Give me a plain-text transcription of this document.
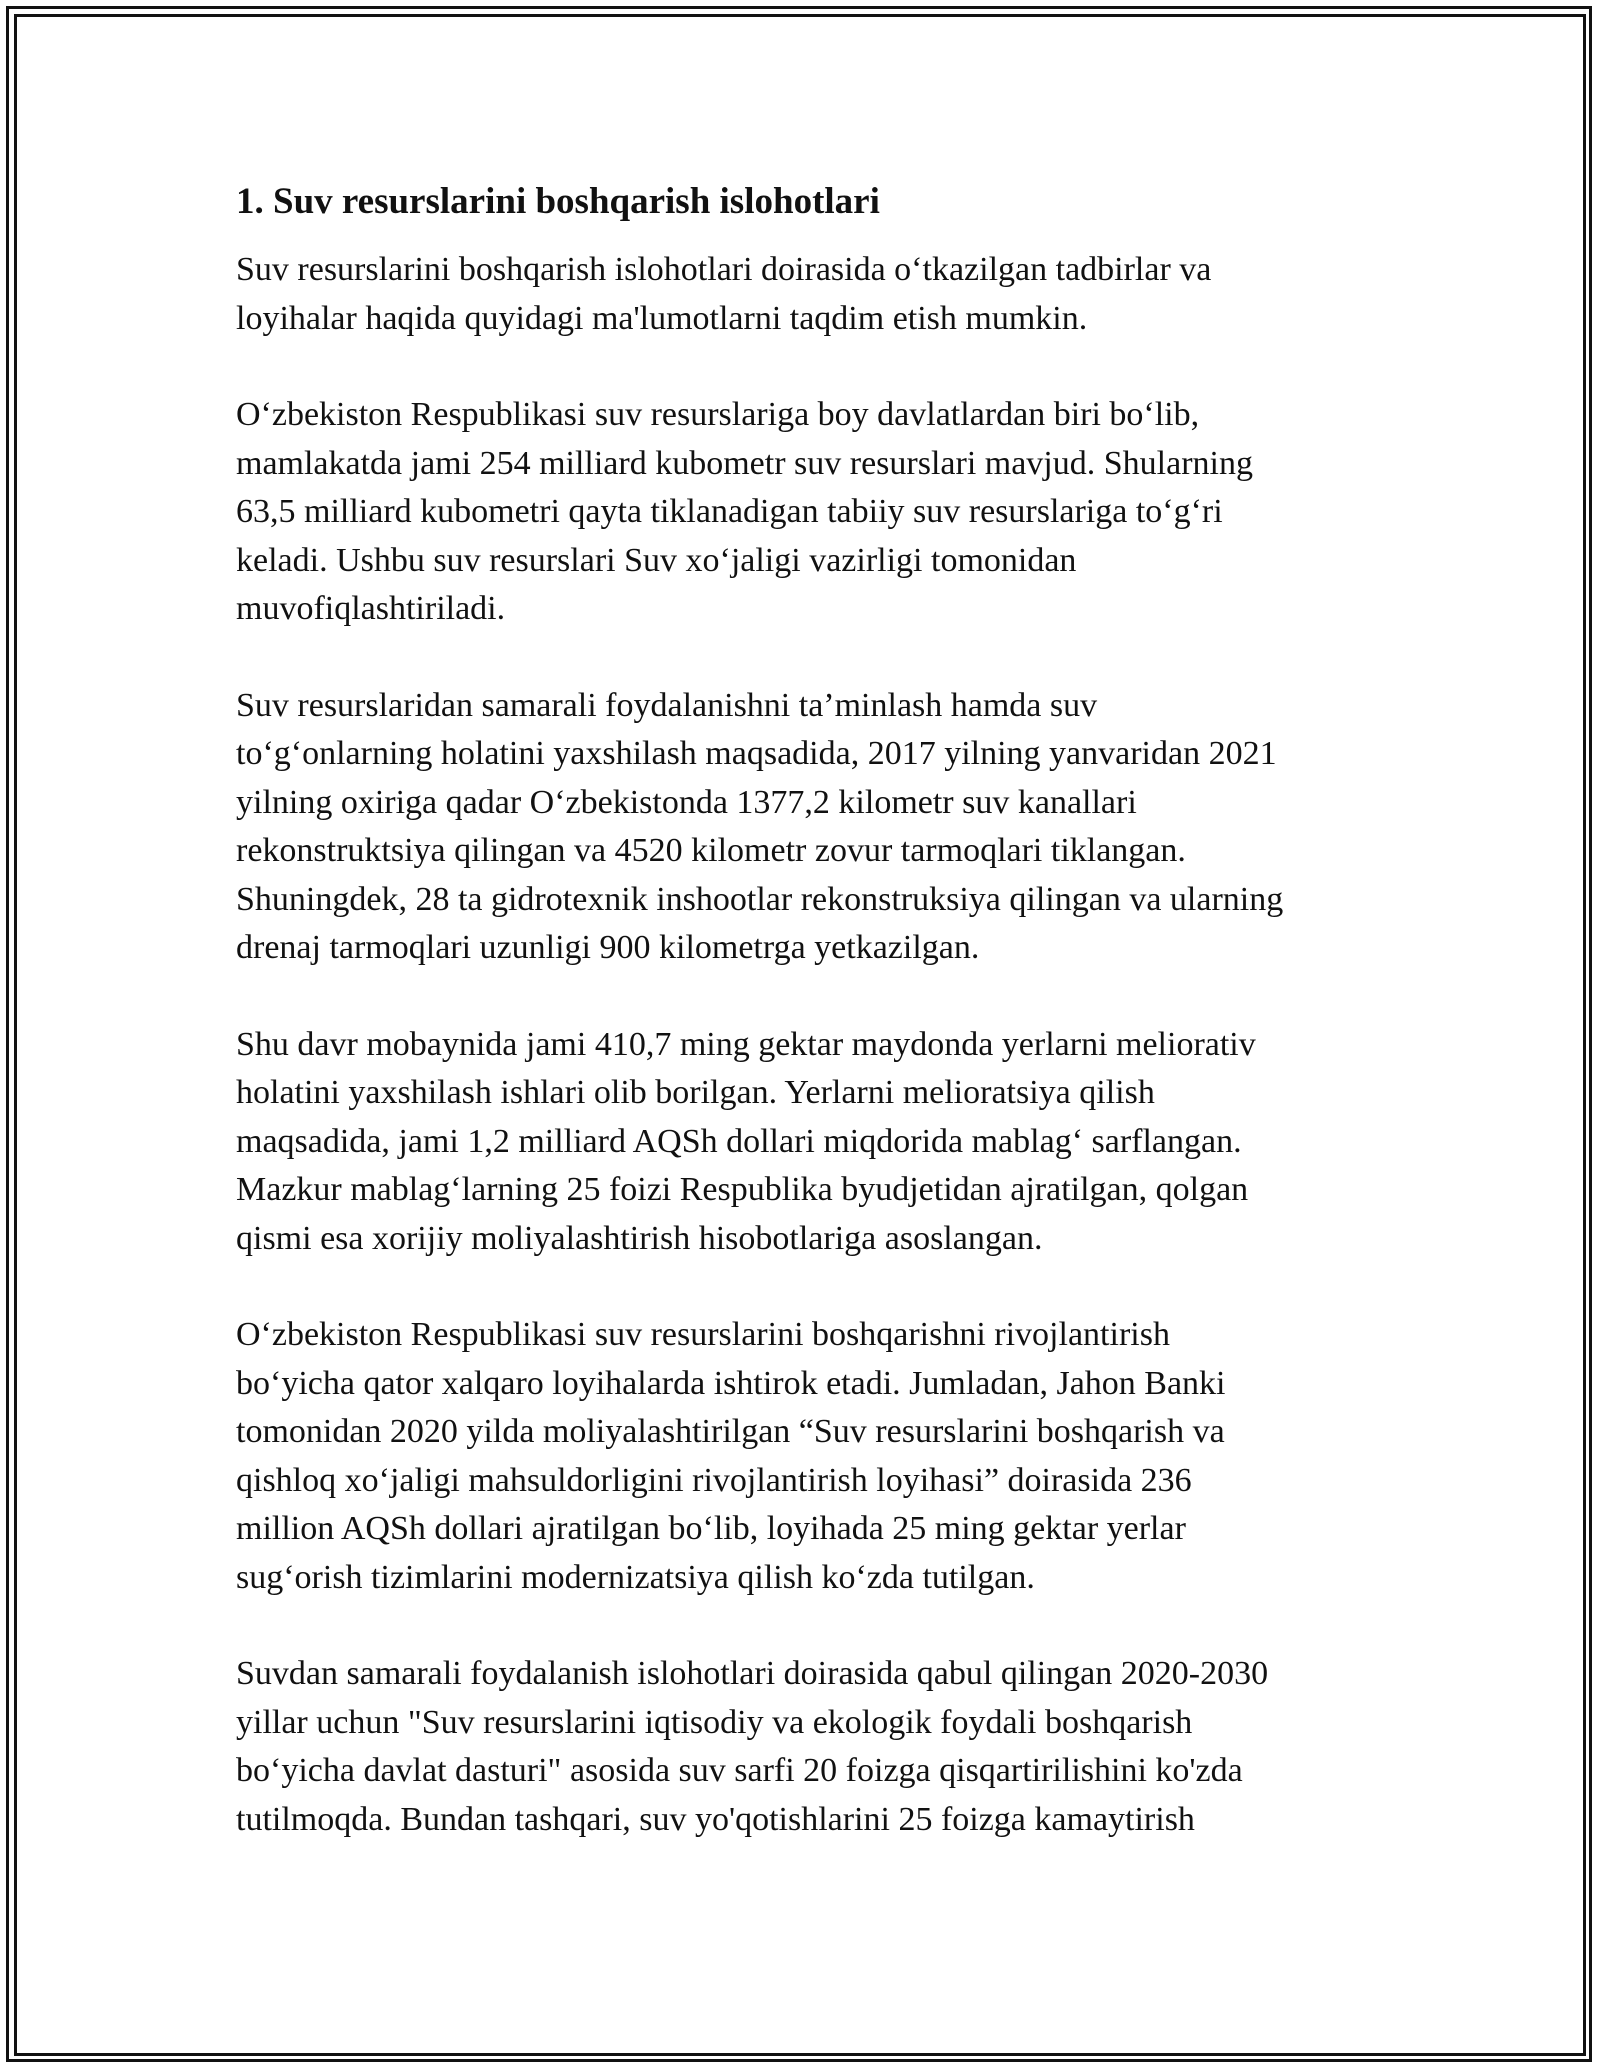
1. Suv resurslarini boshqarish islohotlari
Suv resurslarini boshqarish islohotlari doirasida o‘tkazilgan tadbirlar va
loyihalar haqida quyidagi ma'lumotlarni taqdim etish mumkin.
O‘zbekiston Respublikasi suv resurslariga boy davlatlardan biri bo‘lib,
mamlakatda jami 254 milliard kubometr suv resurslari mavjud. Shularning
63,5 milliard kubometri qayta tiklanadigan tabiiy suv resurslariga to‘g‘ri
keladi. Ushbu suv resurslari Suv xo‘jaligi vazirligi tomonidan
muvofiqlashtiriladi.
Suv resurslaridan samarali foydalanishni ta’minlash hamda suv
to‘g‘onlarning holatini yaxshilash maqsadida, 2017 yilning yanvaridan 2021
yilning oxiriga qadar O‘zbekistonda 1377,2 kilometr suv kanallari
rekonstruktsiya qilingan va 4520 kilometr zovur tarmoqlari tiklangan.
Shuningdek, 28 ta gidrotexnik inshootlar rekonstruksiya qilingan va ularning
drenaj tarmoqlari uzunligi 900 kilometrga yetkazilgan.
Shu davr mobaynida jami 410,7 ming gektar maydonda yerlarni meliorativ
holatini yaxshilash ishlari olib borilgan. Yerlarni melioratsiya qilish
maqsadida, jami 1,2 milliard AQSh dollari miqdorida mablag‘ sarflangan.
Mazkur mablag‘larning 25 foizi Respublika byudjetidan ajratilgan, qolgan
qismi esa xorijiy moliyalashtirish hisobotlariga asoslangan.
O‘zbekiston Respublikasi suv resurslarini boshqarishni rivojlantirish
bo‘yicha qator xalqaro loyihalarda ishtirok etadi. Jumladan, Jahon Banki
tomonidan 2020 yilda moliyalashtirilgan “Suv resurslarini boshqarish va
qishloq xo‘jaligi mahsuldorligini rivojlantirish loyihasi” doirasida 236
million AQSh dollari ajratilgan bo‘lib, loyihada 25 ming gektar yerlar
sug‘orish tizimlarini modernizatsiya qilish ko‘zda tutilgan.
Suvdan samarali foydalanish islohotlari doirasida qabul qilingan 2020-2030
yillar uchun "Suv resurslarini iqtisodiy va ekologik foydali boshqarish
bo‘yicha davlat dasturi" asosida suv sarfi 20 foizga qisqartirilishini ko'zda
tutilmoqda. Bundan tashqari, suv yo'qotishlarini 25 foizga kamaytirish
